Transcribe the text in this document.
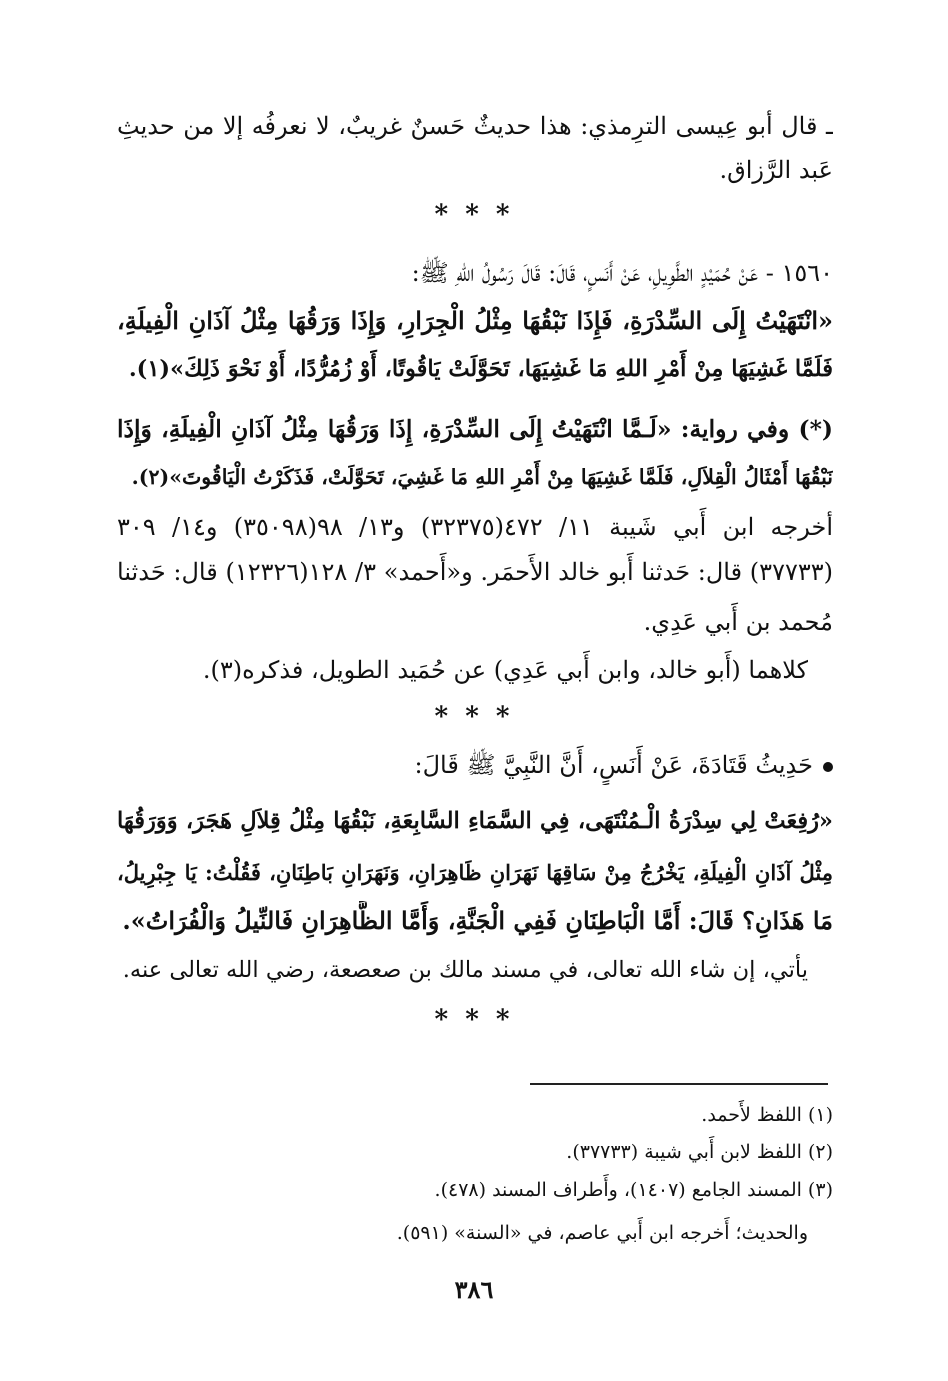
ـ قال أبو عِيسى الترِمذي: هذا حديثٌ حَسنٌ غريبٌ، لا نعرفُه إلا من حديثِ
عَبد الرَّزاق.
* * *
١٥٦٠ - عَنْ حُمَيْدٍ الطَّوِيلِ، عَنْ أَنَسٍ، قَالَ: قَالَ رَسُولُ اللهِ ﷺ:
«انْتَهَيْتُ إِلَى السِّدْرَةِ، فَإِذَا نَبْقُهَا مِثْلُ الْجِرَارِ، وَإِذَا وَرَقُهَا مِثْلُ آذَانِ الْفِيلَةِ،
فَلَمَّا غَشِيَهَا مِنْ أَمْرِ اللهِ مَا غَشِيَهَا، تَحَوَّلَتْ يَاقُوتًا، أَوْ زُمُرُّدًا، أَوْ نَحْوَ ذَلِكَ»(١).
(*) وفي رواية: «لَـمَّا انْتَهَيْتُ إِلَى السِّدْرَةِ، إِذَا وَرَقُهَا مِثْلُ آذَانِ الْفِيلَةِ، وَإِذَا
نَبْقُهَا أَمْثَالُ الْقِلاَلِ، فَلَمَّا غَشِيَهَا مِنْ أَمْرِ اللهِ مَا غَشِيَ، تَحَوَّلَتْ، فَذَكَرْتُ الْيَاقُوتَ»(٢).
أخرجه ابن أَبي شَيبة ١١/ ٤٧٢(٣٢٣٧٥) و١٣/ ٩٨(٣٥٠٩٨) و١٤/ ٣٠٩
(٣٧٧٣٣) قال: حَدثنا أَبو خالد الأَحمَر. و«أَحمد» ٣/ ١٢٨(١٢٣٢٦) قال: حَدثنا
مُحمد بن أَبي عَدِي.
كلاهما (أَبو خالد، وابن أَبي عَدِي) عن حُمَيد الطويل، فذكره(٣).
* * *
حَدِيثُ قَتَادَةَ، عَنْ أَنَسٍ، أَنَّ النَّبِيَّ ﷺ قَالَ:
«رُفِعَتْ لِي سِدْرَةُ الْـمُنْتَهَى، فِي السَّمَاءِ السَّابِعَةِ، نَبْقُهَا مِثْلُ قِلاَلِ هَجَرَ، وَوَرَقُهَا
مِثْلُ آذَانِ الْفِيلَةِ، يَخْرُجُ مِنْ سَاقِهَا نَهَرَانِ ظَاهِرَانِ، وَنَهَرَانِ بَاطِنَانِ، فَقُلْتُ: يَا جِبْرِيلُ،
مَا هَذَانِ؟ قَالَ: أَمَّا الْبَاطِنَانِ فَفِي الْجَنَّةِ، وَأَمَّا الظَّاهِرَانِ فَالنِّيلُ وَالْفُرَاتُ».
يأتي، إن شاء الله تعالى، في مسند مالك بن صعصعة، رضي الله تعالى عنه.
* * *
(١) اللفظ لأَحمد.
(٢) اللفظ لابن أَبي شيبة (٣٧٧٣٣).
(٣) المسند الجامع (١٤٠٧)، وأَطراف المسند (٤٧٨).
والحديث؛ أَخرجه ابن أَبي عاصم، في «السنة» (٥٩١).
٣٨٦
